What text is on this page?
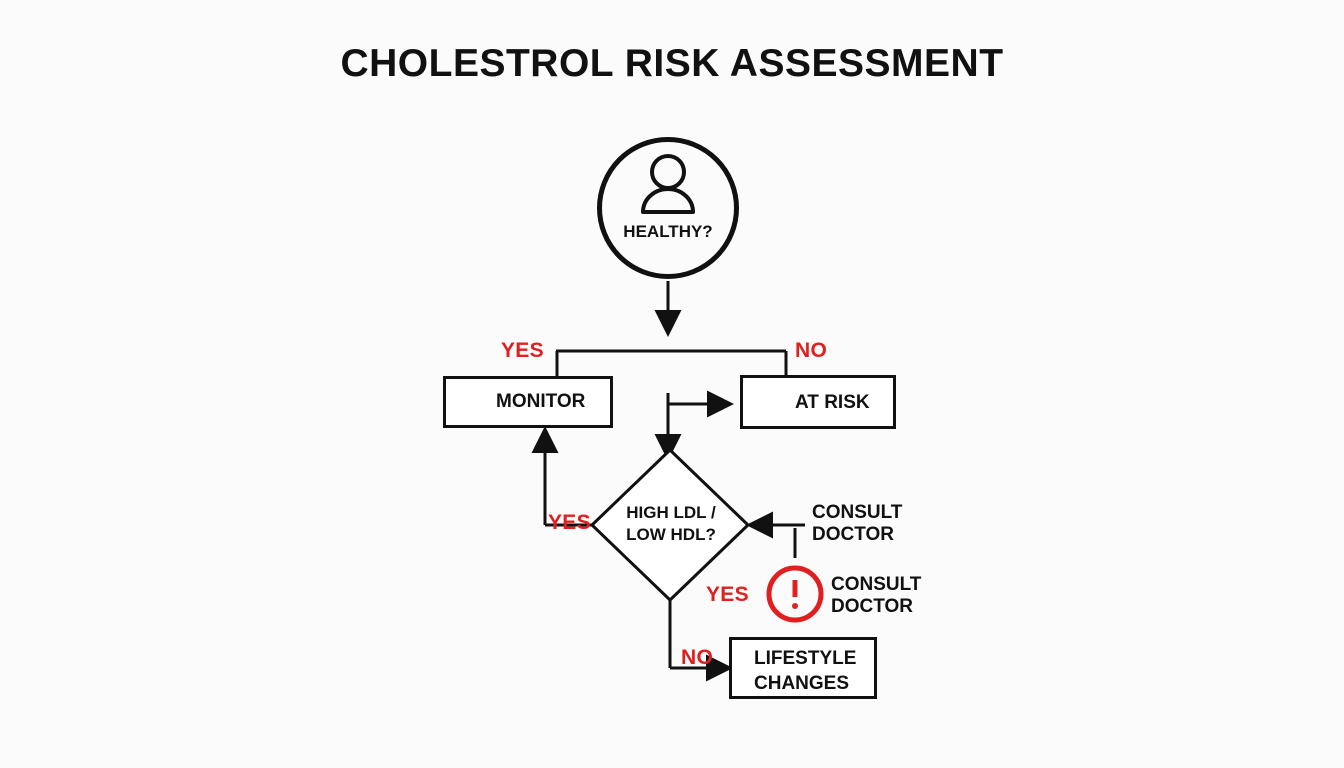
CHOLESTROL RISK ASSESSMENT
HEALTHY?
MONITOR	AT RISK
HIGH LDL /
LOW HDL?
LIFESTYLE
CHANGES
CONSULT
DOCTOR
CONSULT
DOCTOR
YES	NO
YES
YES
NO
